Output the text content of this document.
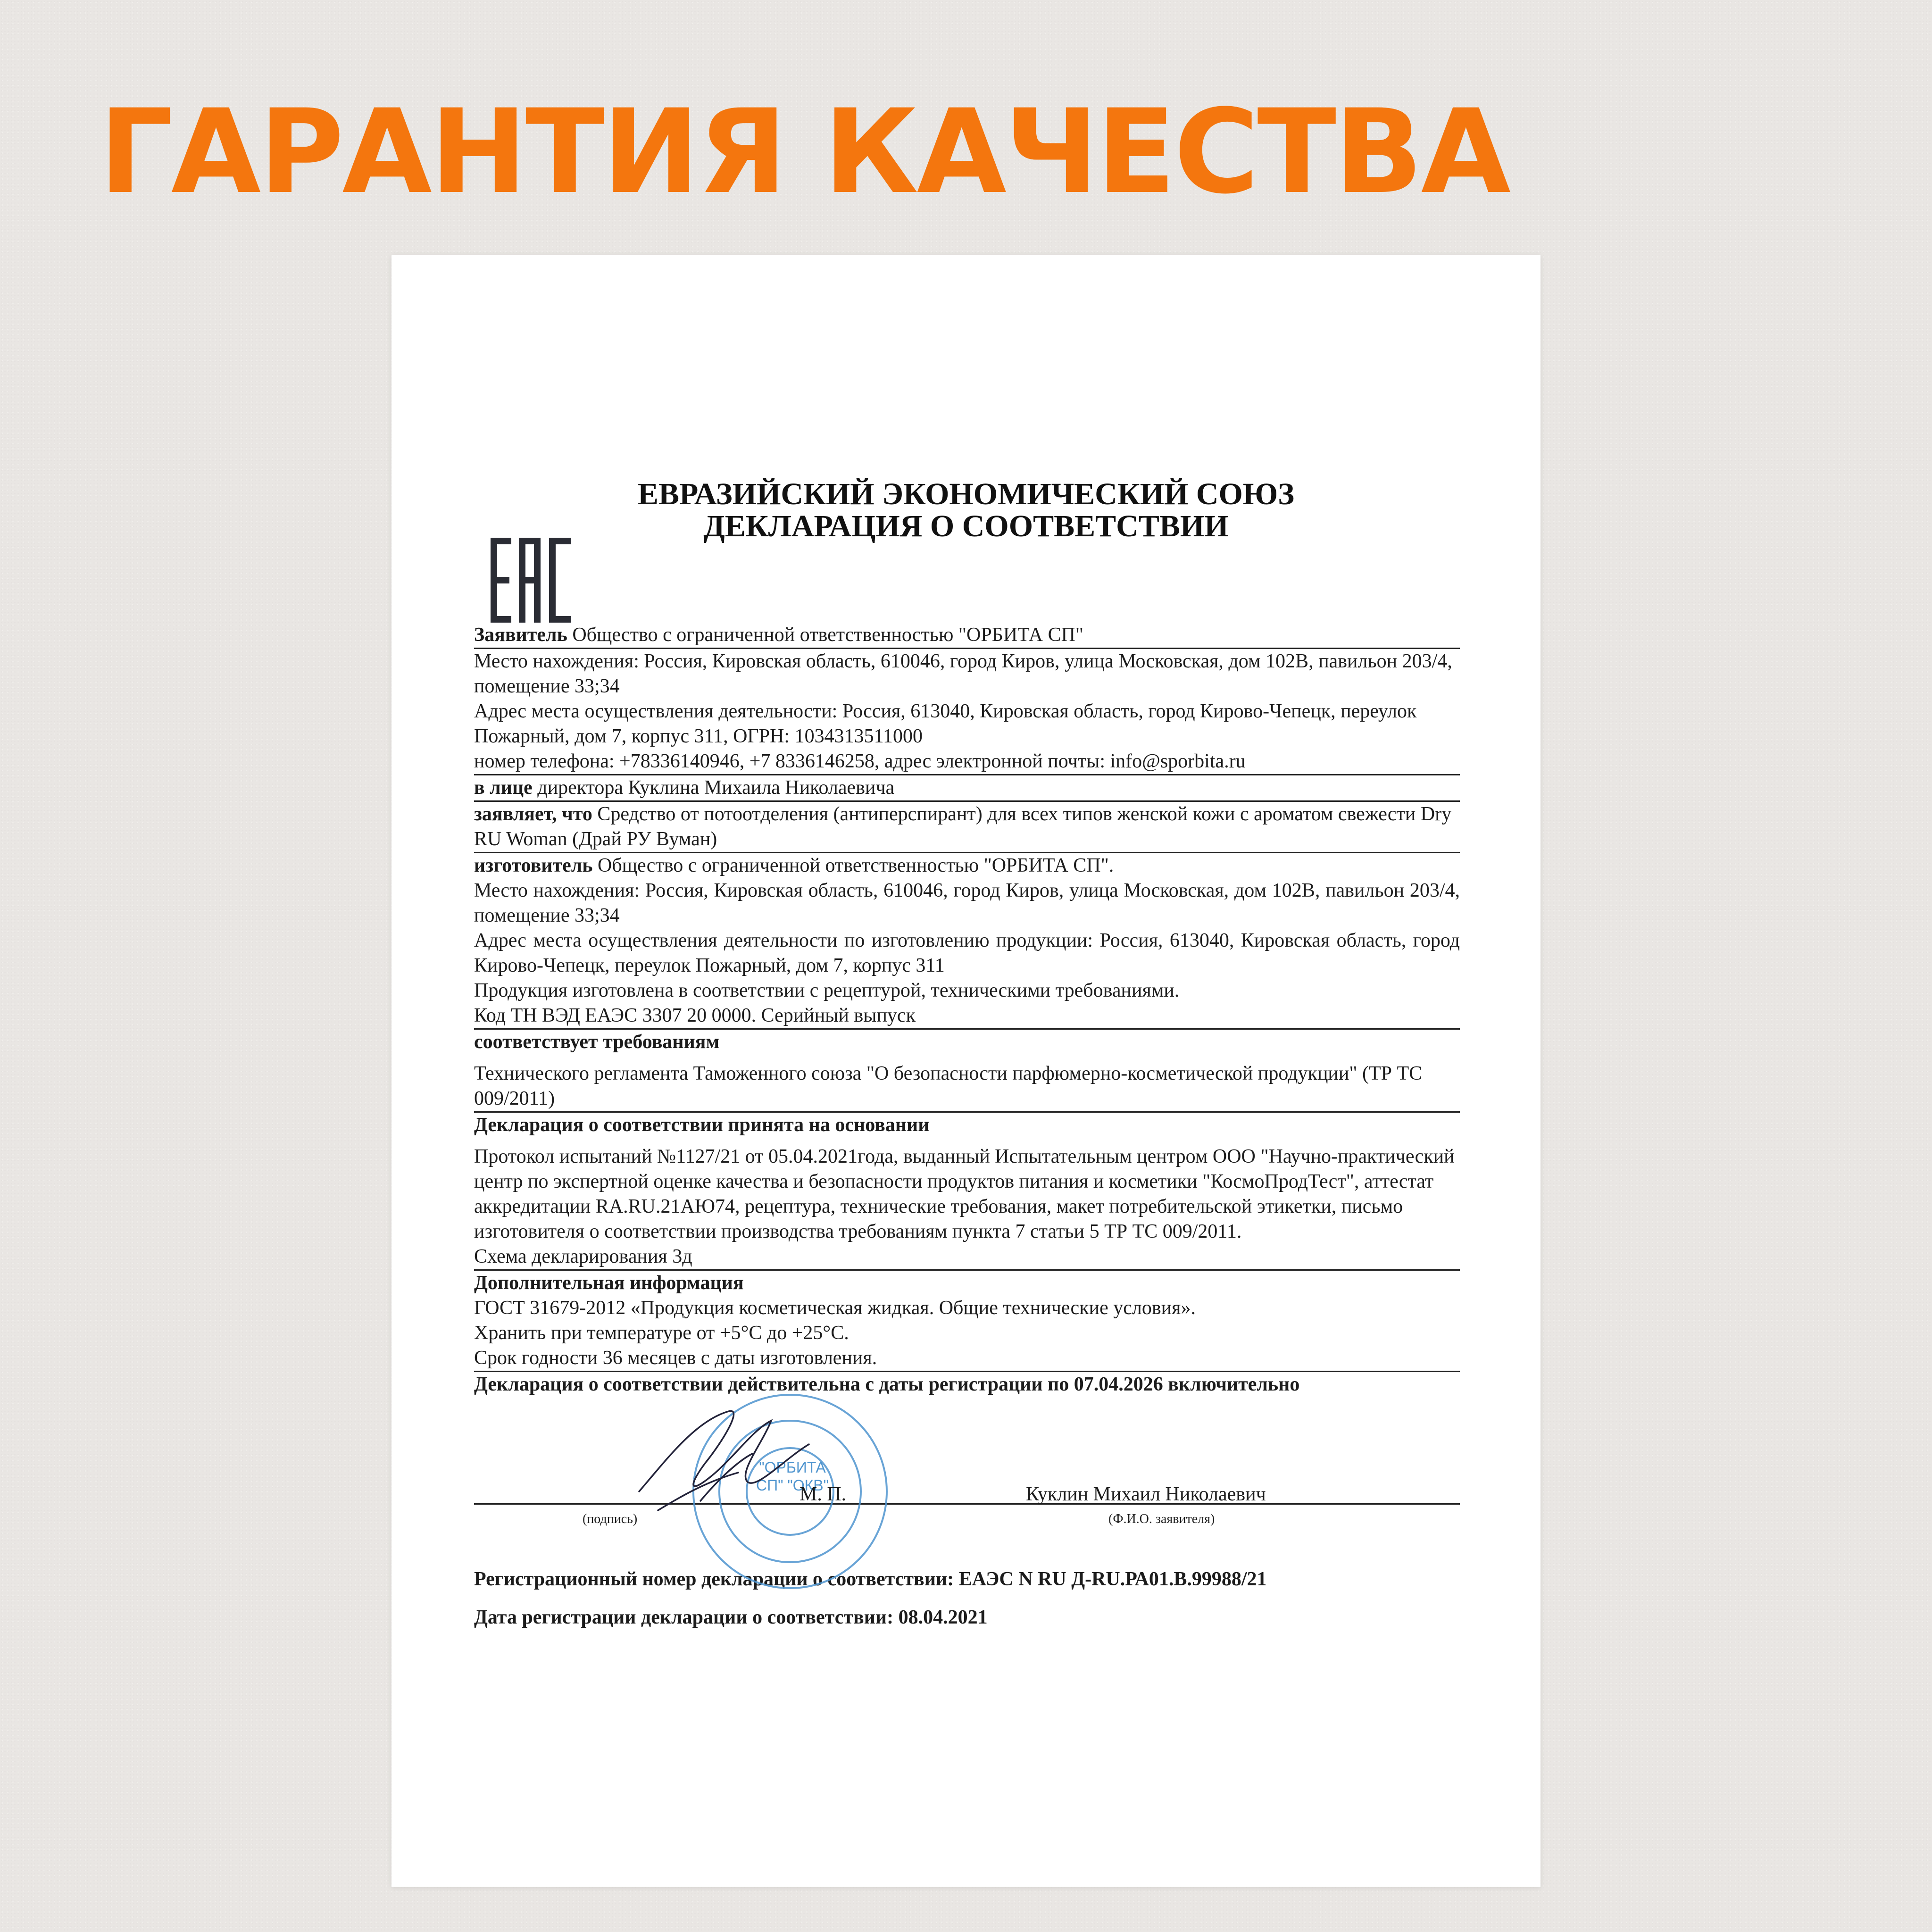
ГАРАНТИЯ КАЧЕСТВА
ЕВРАЗИЙСКИЙ ЭКОНОМИЧЕСКИЙ СОЮЗ
ДЕКЛАРАЦИЯ О СООТВЕТСТВИИ
Заявитель Общество с ограниченной ответственностью "ОРБИТА СП"

Место нахождения: Россия, Кировская область, 610046, город Киров, улица Московская, дом 102В, павильон 203/4, помещение 33;34

Адрес места осуществления деятельности: Россия, 613040, Кировская область, город Кирово-Чепецк, переулок Пожарный, дом 7, корпус 311, ОГРН: 1034313511000

номер телефона: +78336140946, +7 8336146258, адрес электронной почты: info@sporbita.ru

в лице директора Куклина Михаила Николаевича
заявляет, что Средство от потоотделения (антиперспирант) для всех типов женской кожи с ароматом свежести Dry RU Woman (Драй РУ Вуман)

изготовитель Общество с ограниченной ответственностью "ОРБИТА СП".

Место нахождения: Россия, Кировская область, 610046, город Киров, улица Московская, дом 102В, павильон 203/4, помещение 33;34

Адрес места осуществления деятельности по изготовлению продукции: Россия, 613040, Кировская область, город Кирово-Чепецк, переулок Пожарный, дом 7, корпус 311

Продукция изготовлена в соответствии с рецептурой, техническими требованиями.

Код ТН ВЭД ЕАЭС 3307 20 0000. Серийный выпуск

соответствует требованиям

Технического регламента Таможенного союза "О безопасности парфюмерно-косметической продукции" (ТР ТС 009/2011)

Декларация о соответствии принята на основании

Протокол испытаний №1127/21 от 05.04.2021года, выданный Испытательным центром ООО "Научно-практический центр по экспертной оценке качества и безопасности продуктов питания и косметики "КосмоПродТест", аттестат аккредитации RA.RU.21АЮ74, рецептура, технические требования, макет потребительской этикетки, письмо изготовителя о соответствии производства требованиям пункта 7 статьи 5 ТР ТС 009/2011.

Схема декларирования 3д

Дополнительная информация

ГОСТ 31679-2012 «Продукция косметическая жидкая. Общие технические условия».

Хранить при температуре от +5°С до +25°С.

Срок годности 36 месяцев с даты изготовления.

Декларация о соответствии действительна с даты регистрации по 07.04.2026 включительно

"ОРБИТА СП" "ОКВ"
М. П.	Куклин Михаил Николаевич
(подпись)	(Ф.И.О. заявителя)

Регистрационный номер декларации о соответствии: ЕАЭС N RU Д-RU.РА01.В.99988/21

Дата регистрации декларации о соответствии: 08.04.2021
